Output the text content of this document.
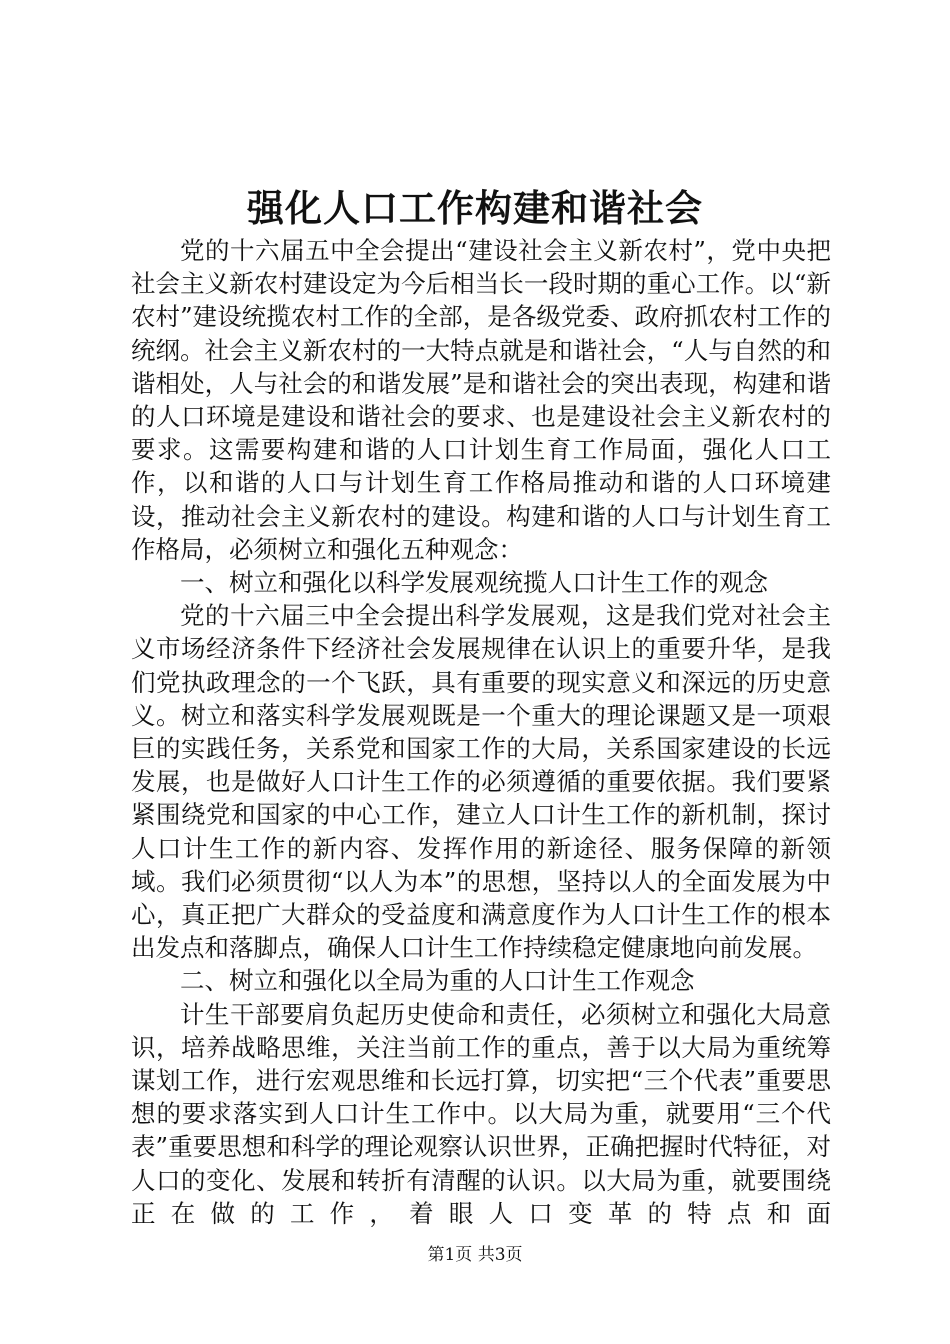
强化人口工作构建和谐社会

党的十六届五中全会提出“建设社会主义新农村”，党中央把社会主义新农村建设定为今后相当长一段时期的重心工作。以“新农村”建设统揽农村工作的全部，是各级党委、政府抓农村工作的统纲。社会主义新农村的一大特点就是和谐社会，“人与自然的和谐相处，人与社会的和谐发展”是和谐社会的突出表现，构建和谐的人口环境是建设和谐社会的要求、也是建设社会主义新农村的要求。这需要构建和谐的人口计划生育工作局面，强化人口工作，以和谐的人口与计划生育工作格局推动和谐的人口环境建设，推动社会主义新农村的建设。构建和谐的人口与计划生育工作格局，必须树立和强化五种观念：

一、树立和强化以科学发展观统揽人口计生工作的观念

党的十六届三中全会提出科学发展观，这是我们党对社会主义市场经济条件下经济社会发展规律在认识上的重要升华，是我们党执政理念的一个飞跃，具有重要的现实意义和深远的历史意义。树立和落实科学发展观既是一个重大的理论课题又是一项艰巨的实践任务，关系党和国家工作的大局，关系国家建设的长远发展，也是做好人口计生工作的必须遵循的重要依据。我们要紧紧围绕党和国家的中心工作，建立人口计生工作的新机制，探讨人口计生工作的新内容、发挥作用的新途径、服务保障的新领域。我们必须贯彻“以人为本”的思想，坚持以人的全面发展为中心，真正把广大群众的受益度和满意度作为人口计生工作的根本出发点和落脚点，确保人口计生工作持续稳定健康地向前发展。

二、树立和强化以全局为重的人口计生工作观念

计生干部要肩负起历史使命和责任，必须树立和强化大局意识，培养战略思维，关注当前工作的重点，善于以大局为重统筹谋划工作，进行宏观思维和长远打算，切实把“三个代表”重要思想的要求落实到人口计生工作中。以大局为重，就要用“三个代表”重要思想和科学的理论观察认识世界，正确把握时代特征，对人口的变化、发展和转折有清醒的认识。以大局为重，就要围绕正在做的工作，着眼人口变革的特点和面

第1页 共3页
